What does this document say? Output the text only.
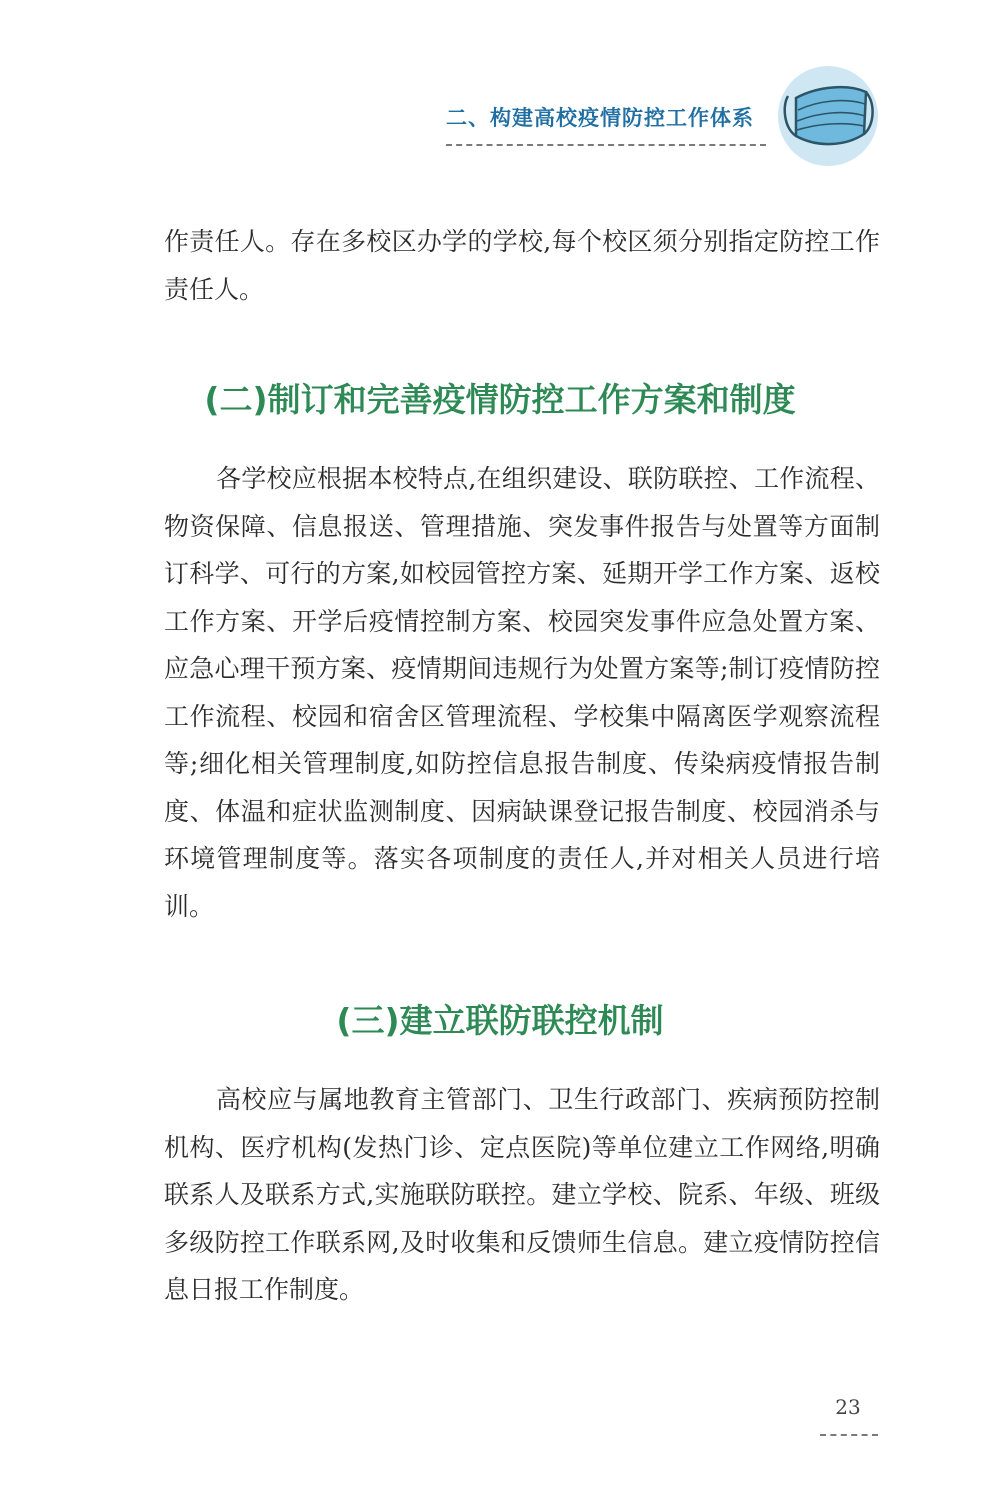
二、构建高校疫情防控工作体系

作责任人。存在多校区办学的学校,每个校区须分别指定防控工作责任人。

(二)制订和完善疫情防控工作方案和制度

各学校应根据本校特点,在组织建设、联防联控、工作流程、物资保障、信息报送、管理措施、突发事件报告与处置等方面制订科学、可行的方案,如校园管控方案、延期开学工作方案、返校工作方案、开学后疫情控制方案、校园突发事件应急处置方案、应急心理干预方案、疫情期间违规行为处置方案等;制订疫情防控工作流程、校园和宿舍区管理流程、学校集中隔离医学观察流程等;细化相关管理制度,如防控信息报告制度、传染病疫情报告制度、体温和症状监测制度、因病缺课登记报告制度、校园消杀与环境管理制度等。落实各项制度的责任人,并对相关人员进行培训。

(三)建立联防联控机制

高校应与属地教育主管部门、卫生行政部门、疾病预防控制机构、医疗机构(发热门诊、定点医院)等单位建立工作网络,明确联系人及联系方式,实施联防联控。建立学校、院系、年级、班级多级防控工作联系网,及时收集和反馈师生信息。建立疫情防控信息日报工作制度。

23
